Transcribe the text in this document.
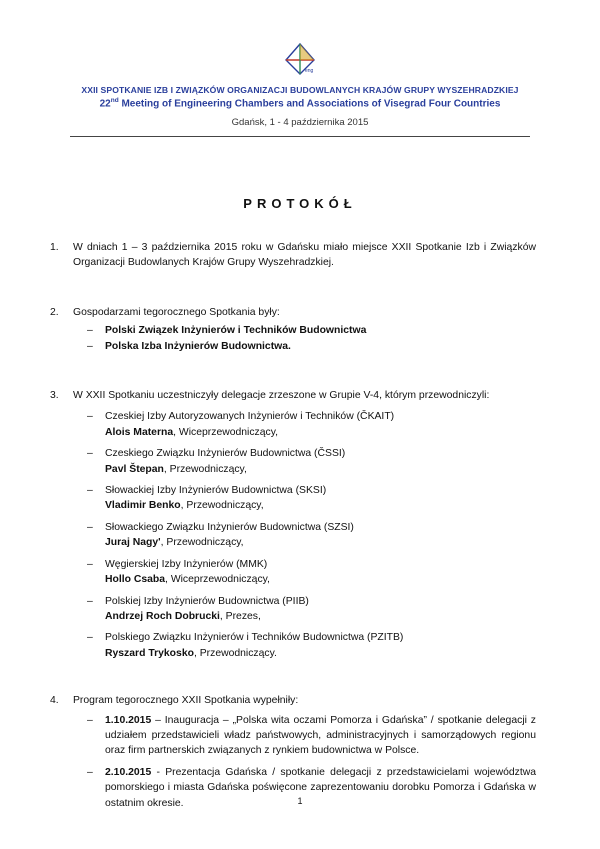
eng
XXII SPOTKANIE IZB I ZWIĄZKÓW ORGANIZACJI BUDOWLANYCH KRAJÓW GRUPY WYSZEHRADZKIEJ
22nd Meeting of Engineering Chambers and Associations of Visegrad Four Countries
Gdańsk, 1 - 4 października 2015
PROTOKÓŁ
1. W dniach 1 – 3 października 2015 roku w Gdańsku miało miejsce XXII Spotkanie Izb i Związków Organizacji Budowlanych Krajów Grupy Wyszehradzkiej.
2. Gospodarzami tegorocznego Spotkania były:
– Polski Związek Inżynierów i Techników Budownictwa
– Polska Izba Inżynierów Budownictwa.
3. W XXII Spotkaniu uczestniczyły delegacje zrzeszone w Grupie V-4, którym przewodniczyli:
– Czeskiej Izby Autoryzowanych Inżynierów i Techników (ČKAIT)
Alois Materna, Wiceprzewodniczący,
– Czeskiego Związku Inżynierów Budownictwa (ČSSI)
Pavl Štepan, Przewodniczący,
– Słowackiej Izby Inżynierów Budownictwa (SKSI)
Vladimir Benko, Przewodniczący,
– Słowackiego Związku Inżynierów Budownictwa (SZSI)
Juraj Nagy', Przewodniczący,
– Węgierskiej Izby Inżynierów (MMK)
Hollo Csaba, Wiceprzewodniczący,
– Polskiej Izby Inżynierów Budownictwa (PIIB)
Andrzej Roch Dobrucki, Prezes,
– Polskiego Związku Inżynierów i Techników Budownictwa (PZITB)
Ryszard Trykosko, Przewodniczący.
4. Program tegorocznego XXII Spotkania wypełniły:
– 1.10.2015 – Inauguracja – „Polska wita oczami Pomorza i Gdańska” / spotkanie delegacji z udziałem przedstawicieli władz państwowych, administracyjnych i samorządowych regionu oraz firm partnerskich związanych z rynkiem budownictwa w Polsce.
– 2.10.2015 - Prezentacja Gdańska / spotkanie delegacji z przedstawicielami województwa pomorskiego i miasta Gdańska poświęcone zaprezentowaniu dorobku Pomorza i Gdańska w ostatnim okresie.	1
